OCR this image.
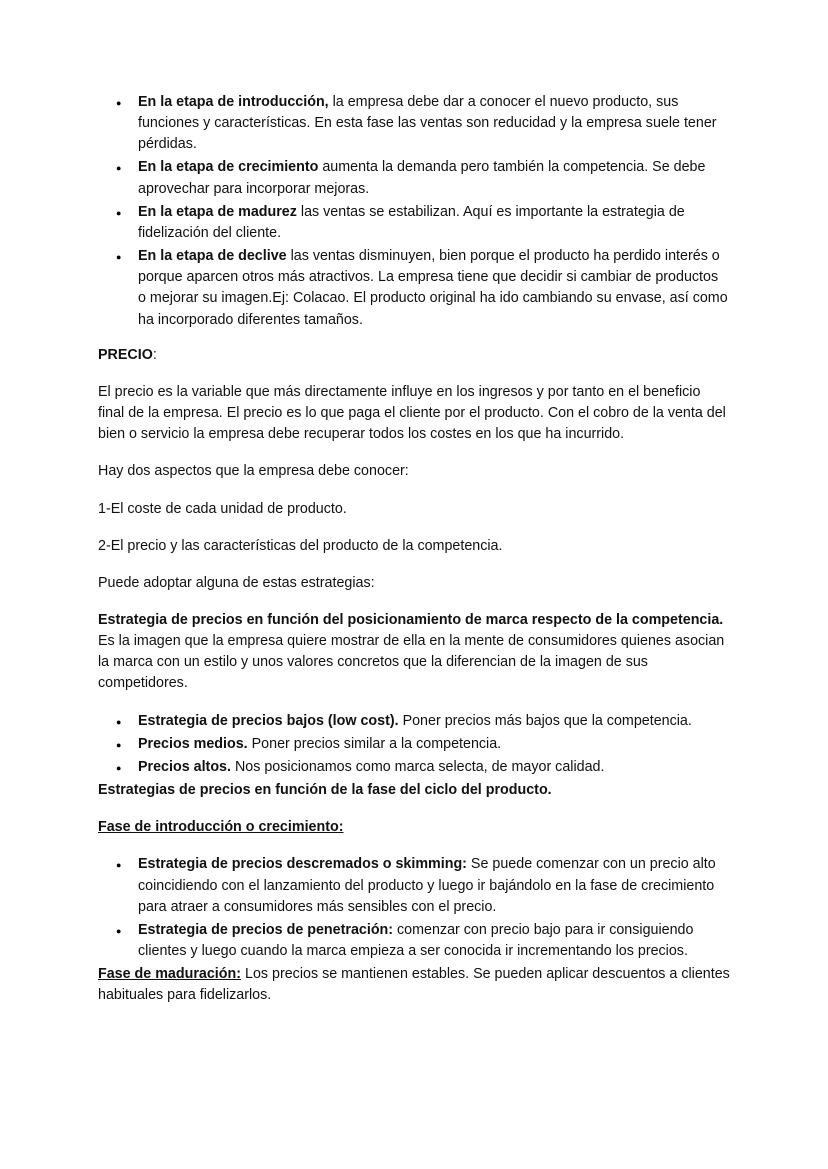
● En la etapa de introducción, la empresa debe dar a conocer el nuevo producto, sus funciones y características. En esta fase las ventas son reducidad y la empresa suele tener pérdidas.
● En la etapa de crecimiento aumenta la demanda pero también la competencia. Se debe aprovechar para incorporar mejoras.
● En la etapa de madurez las ventas se estabilizan. Aquí es importante la estrategia de fidelización del cliente.
● En la etapa de declive las ventas disminuyen, bien porque el producto ha perdido interés o porque aparcen otros más atractivos. La empresa tiene que decidir si cambiar de productos o mejorar su imagen.Ej: Colacao. El producto original ha ido cambiando su envase, así como ha incorporado diferentes tamaños.

PRECIO:

El precio es la variable que más directamente influye en los ingresos y por tanto en el beneficio final de la empresa. El precio es lo que paga el cliente por el producto. Con el cobro de la venta del bien o servicio la empresa debe recuperar todos los costes en los que ha incurrido.

Hay dos aspectos que la empresa debe conocer:

1-El coste de cada unidad de producto.

2-El precio y las características del producto de la competencia.

Puede adoptar alguna de estas estrategias:

Estrategia de precios en función del posicionamiento de marca respecto de la competencia. Es la imagen que la empresa quiere mostrar de ella en la mente de consumidores quienes asocian la marca con un estilo y unos valores concretos que la diferencian de la imagen de sus competidores.

● Estrategia de precios bajos (low cost). Poner precios más bajos que la competencia.
● Precios medios. Poner precios similar a la competencia.
● Precios altos. Nos posicionamos como marca selecta, de mayor calidad.

Estrategias de precios en función de la fase del ciclo del producto.

Fase de introducción o crecimiento:

● Estrategia de precios descremados o skimming: Se puede comenzar con un precio alto coincidiendo con el lanzamiento del producto y luego ir bajándolo en la fase de crecimiento para atraer a consumidores más sensibles con el precio.
● Estrategia de precios de penetración: comenzar con precio bajo para ir consiguiendo clientes y luego cuando la marca empieza a ser conocida ir incrementando los precios.

Fase de maduración: Los precios se mantienen estables. Se pueden aplicar descuentos a clientes habituales para fidelizarlos.
